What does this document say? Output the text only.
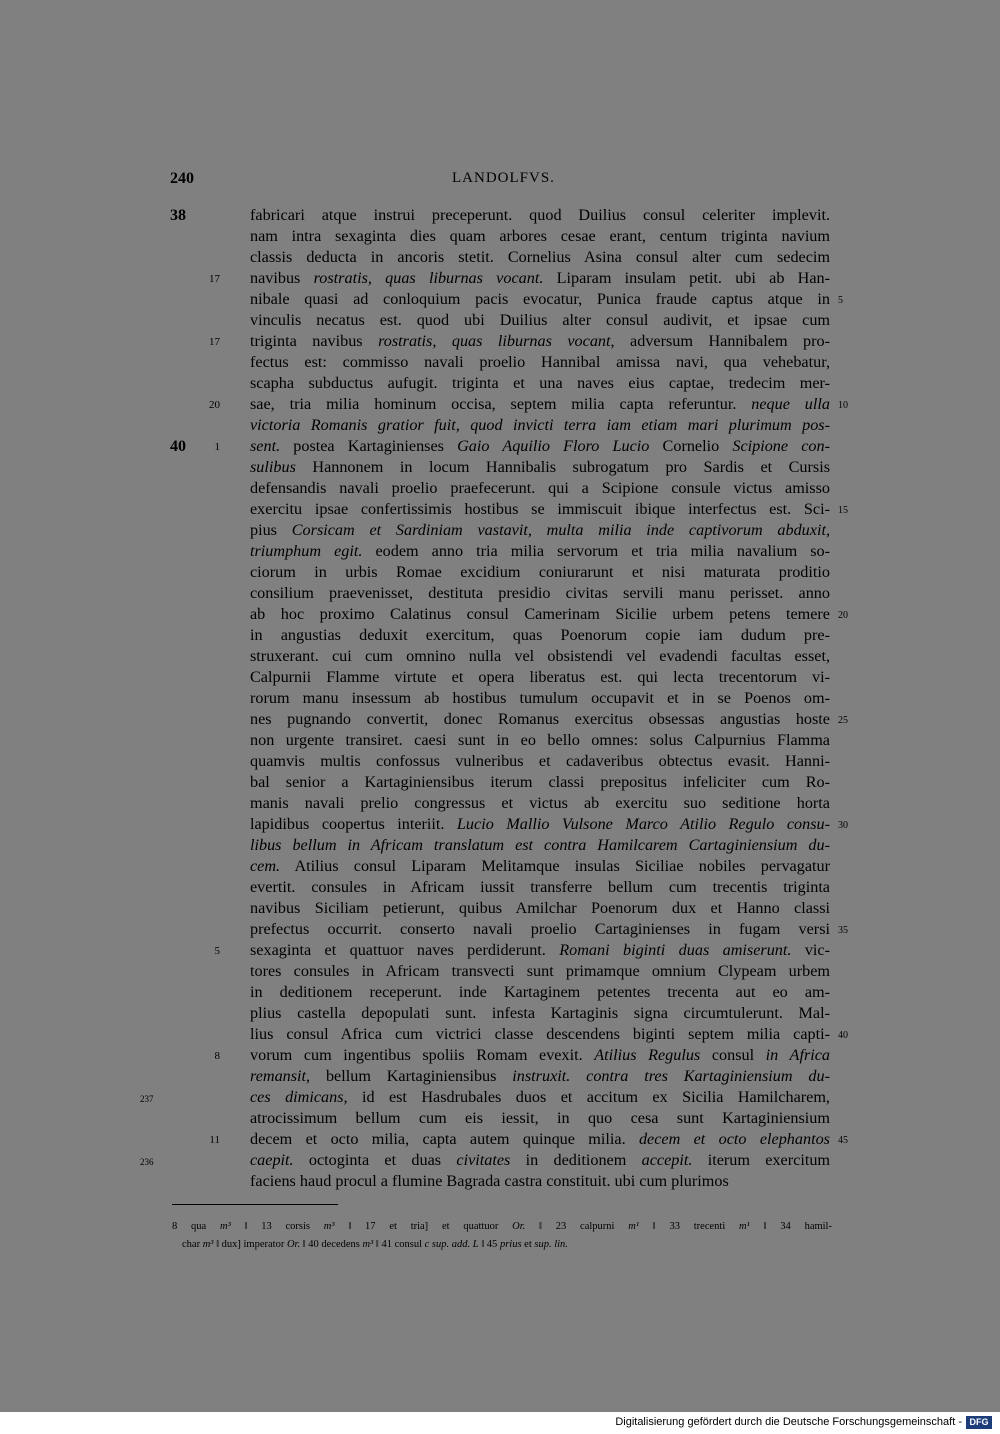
240	LANDOLFVS.
38	fabricari atque instrui preceperunt. quod Duilius consul celeriter implevit.
nam intra sexaginta dies quam arbores cesae erant, centum triginta navium
classis deducta in ancoris stetit. Cornelius Asina consul alter cum sedecim
17 navibus rostratis, quas liburnas vocant. Liparam insulam petit. ubi ab Han-
nibale quasi ad conloquium pacis evocatur, Punica fraude captus atque in 5
vinculis necatus est. quod ubi Duilius alter consul audivit, et ipsae cum
17 triginta navibus rostratis, quas liburnas vocant, adversum Hannibalem pro-
fectus est: commisso navali proelio Hannibal amissa navi, qua vehebatur,
scapha subductus aufugit. triginta et una naves eius captae, tredecim mer-
20 sae, tria milia hominum occisa, septem milia capta referuntur. neque ulla 10
victoria Romanis gratior fuit, quod invicti terra iam etiam mari plurimum pos-
40	1 sent. postea Kartaginienses Gaio Aquilio Floro Lucio Cornelio Scipione con-
sulibus Hannonem in locum Hannibalis subrogatum pro Sardis et Cursis
defensandis navali proelio praefecerunt. qui a Scipione consule victus amisso
exercitu ipsae confertissimis hostibus se immiscuit ibique interfectus est. Sci- 15
pius Corsicam et Sardiniam vastavit, multa milia inde captivorum abduxit,
triumphum egit. eodem anno tria milia servorum et tria milia navalium so-
ciorum in urbis Romae excidium coniurarunt et nisi maturata proditio
consilium praevenisset, destituta presidio civitas servili manu perisset. anno
ab hoc proximo Calatinus consul Camerinam Sicilie urbem petens temere 20
in angustias deduxit exercitum, quas Poenorum copie iam dudum pre-
struxerant. cui cum omnino nulla vel obsistendi vel evadendi facultas esset,
Calpurnii Flamme virtute et opera liberatus est. qui lecta trecentorum vi-
rorum manu insessum ab hostibus tumulum occupavit et in se Poenos om-
nes pugnando convertit, donec Romanus exercitus obsessas angustias hoste 25
non urgente transiret. caesi sunt in eo bello omnes: solus Calpurnius Flamma
quamvis multis confossus vulneribus et cadaveribus obtectus evasit. Hanni-
bal senior a Kartaginiensibus iterum classi prepositus infeliciter cum Ro-
manis navali prelio congressus et victus ab exercitu suo seditione horta
lapidibus coopertus interiit. Lucio Mallio Vulsone Marco Atilio Regulo consu- 30
libus bellum in Africam translatum est contra Hamilcarem Cartaginiensium du-
cem. Atilius consul Liparam Melitamque insulas Siciliae nobiles pervagatur
evertit. consules in Africam iussit transferre bellum cum trecentis triginta
navibus Siciliam petierunt, quibus Amilchar Poenorum dux et Hanno classi
prefectus occurrit. conserto navali proelio Cartaginienses in fugam versi 35
5 sexaginta et quattuor naves perdiderunt. Romani biginti duas amiserunt. vic-
tores consules in Africam transvecti sunt primamque omnium Clypeam urbem
in deditionem receperunt. inde Kartaginem petentes trecenta aut eo am-
plius castella depopulati sunt. infesta Kartaginis signa circumtulerunt. Mal-
lius consul Africa cum victrici classe descendens biginti septem milia capti- 40
8 vorum cum ingentibus spoliis Romam evexit. Atilius Regulus consul in Africa
remansit, bellum Kartaginiensibus instruxit. contra tres Kartaginiensium du-
237	ces dimicans, id est Hasdrubales duos et accitum ex Sicilia Hamilcharem,
atrocissimum bellum cum eis iessit, in quo cesa sunt Kartaginiensium
11 decem et octo milia, capta autem quinque milia. decem et octo elephantos 45
236	caepit. octoginta et duas civitates in deditionem accepit. iterum exercitum
faciens haud procul a flumine Bagrada castra constituit. ubi cum plurimos
8 qua m³ ‖ 13 corsis m³ ‖ 17 et tria] et quattuor Or. ‖ 23 calpurni m¹ ‖ 33 trecenti m¹ ‖ 34 hamil-
char m³ ‖ dux] imperator Or. ‖ 40 decedens m³ ‖ 41 consul c sup. add. L ‖ 45 prius et sup. lin.
Digitalisierung gefördert durch die Deutsche Forschungsgemeinschaft - DFG
